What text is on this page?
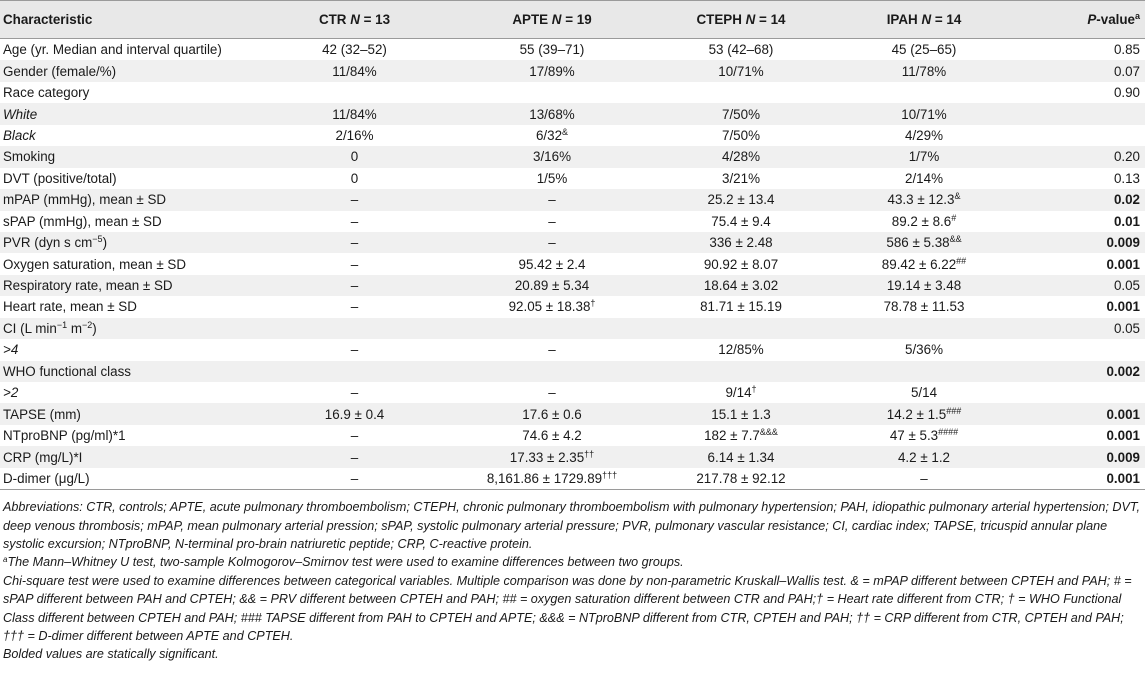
Characteristic	CTR N = 13	APTE N = 19	CTEPH N = 14	IPAH N = 14	P-value$^a$
Age (yr. Median and interval quartile)	42 (32–52)	55 (39–71)	53 (42–68)	45 (25–65)	0.85
Gender (female/%)	11/84%	17/89%	10/71%	11/78%	0.07
Race category					0.90
White	11/84%	13/68%	7/50%	10/71%	
Black	2/16%	6/32&	7/50%	4/29%	
Smoking	0	3/16%	4/28%	1/7%	0.20
DVT (positive/total)	0	1/5%	3/21%	2/14%	0.13
mPAP (mmHg), mean ± SD	–	–	25.2 ± 13.4	43.3 ± 12.3&	0.02
sPAP (mmHg), mean ± SD	–	–	75.4 ± 9.4	89.2 ± 8.6#	0.01
PVR (dyn s $cm^{-5}$)	–	–	336 ± 2.48	586 ± 5.38&&	0.009
Oxygen saturation, mean ± SD	–	95.42 ± 2.4	90.92 ± 8.07	89.42 ± 6.22##	0.001
Respiratory rate, mean ± SD	–	20.89 ± 5.34	18.64 ± 3.02	19.14 ± 3.48	0.05
Heart rate, mean ± SD	–	92.05 ± 18.38†	81.71 ± 15.19	78.78 ± 11.53	0.001
CI (L $\min^{-1} m^{-2}$)					0.05
>4	–	–	12/85%	5/36%	
WHO functional class					0.002
>2	–	–	9/14†	5/14	
TAPSE (mm)	16.9 ± 0.4	17.6 ± 0.6	15.1 ± 1.3	14.2 ± 1.5###	0.001
NTproBNP (pg/ml)*1	–	74.6 ± 4.2	182 ± 7.7&&&	47 ± 5.3####	0.001
CRP (mg/L)*I	–	17.33 ± 2.35††	6.14 ± 1.34	4.2 ± 1.2	0.009
D-dimer (μg/L)	–	8,161.86 ± 1729.89†††	217.78 ± 92.12	–	0.001

Abbreviations: CTR, controls; APTE, acute pulmonary thromboembolism; CTEPH, chronic pulmonary thromboembolism with pulmonary hypertension; PAH, idiopathic pulmonary arterial hypertension; DVT, deep venous thrombosis; mPAP, mean pulmonary arterial pression; sPAP, systolic pulmonary arterial pressure; PVR, pulmonary vascular resistance; CI, cardiac index; TAPSE, tricuspid annular plane systolic excursion; NTproBNP, N-terminal pro-brain natriuretic peptide; CRP, C-reactive protein.

$^a$The Mann–Whitney U test, two-sample Kolmogorov–Smirnov test were used to examine differences between two groups.

Chi-square test were used to examine differences between categorical variables. Multiple comparison was done by non-parametric Kruskall–Wallis test. & = mPAP different between CPTEH and PAH; # = sPAP different between PAH and CPTEH; && = PRV different between CPTEH and PAH; ## = oxygen saturation different between CTR and PAH;† = Heart rate different from CTR; † = WHO Functional Class different between CPTEH and PAH; ### TAPSE different from PAH to CPTEH and APTE; &&& = NTproBNP different from CTR, CPTEH and PAH; †† = CRP different from CTR, CPTEH and PAH; ††† = D-dimer different between APTE and CPTEH.

Bolded values are statically significant.
